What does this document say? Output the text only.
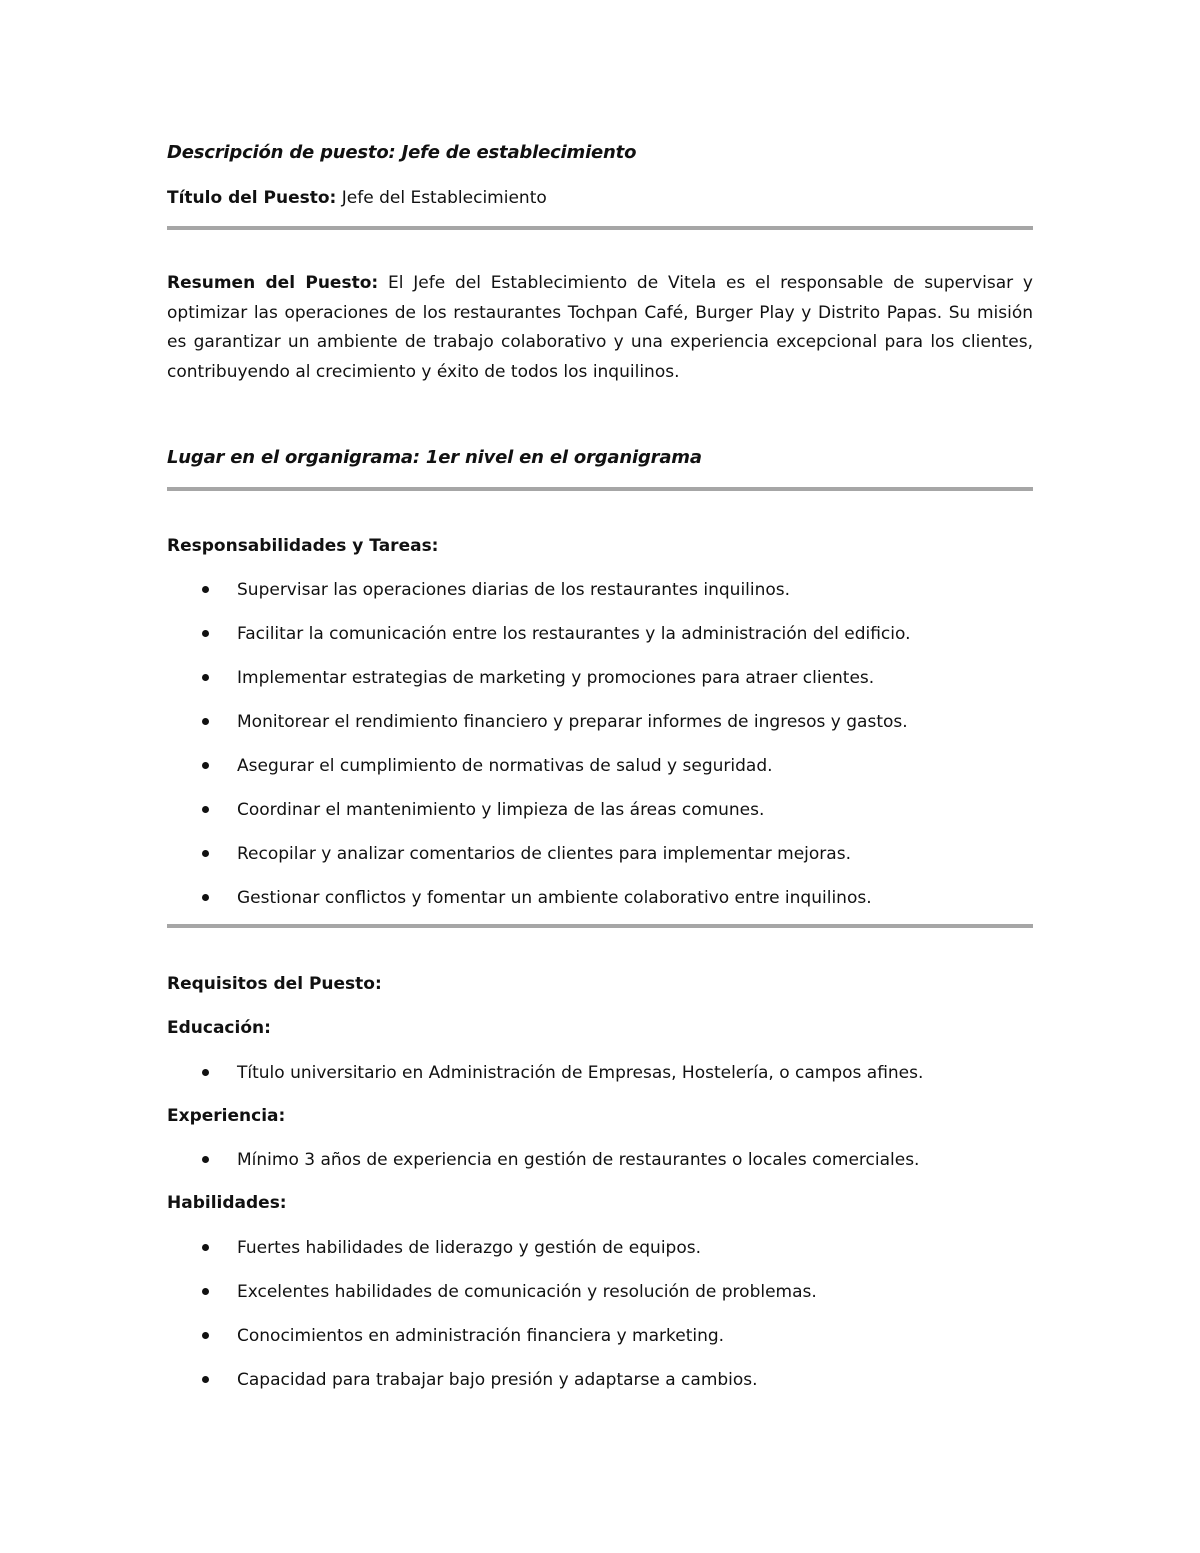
Descripción de puesto: Jefe de establecimiento

Título del Puesto: Jefe del Establecimiento

Resumen del Puesto: El Jefe del Establecimiento de Vitela es el responsable de supervisar y optimizar las operaciones de los restaurantes Tochpan Café, Burger Play y Distrito Papas. Su misión es garantizar un ambiente de trabajo colaborativo y una experiencia excepcional para los clientes, contribuyendo al crecimiento y éxito de todos los inquilinos.

Lugar en el organigrama: 1er nivel en el organigrama

Responsabilidades y Tareas:

Supervisar las operaciones diarias de los restaurantes inquilinos.
Facilitar la comunicación entre los restaurantes y la administración del edificio.
Implementar estrategias de marketing y promociones para atraer clientes.
Monitorear el rendimiento financiero y preparar informes de ingresos y gastos.
Asegurar el cumplimiento de normativas de salud y seguridad.
Coordinar el mantenimiento y limpieza de las áreas comunes.
Recopilar y analizar comentarios de clientes para implementar mejoras.
Gestionar conflictos y fomentar un ambiente colaborativo entre inquilinos.

Requisitos del Puesto:

Educación:

Título universitario en Administración de Empresas, Hostelería, o campos afines.

Experiencia:

Mínimo 3 años de experiencia en gestión de restaurantes o locales comerciales.

Habilidades:

Fuertes habilidades de liderazgo y gestión de equipos.
Excelentes habilidades de comunicación y resolución de problemas.
Conocimientos en administración financiera y marketing.
Capacidad para trabajar bajo presión y adaptarse a cambios.
